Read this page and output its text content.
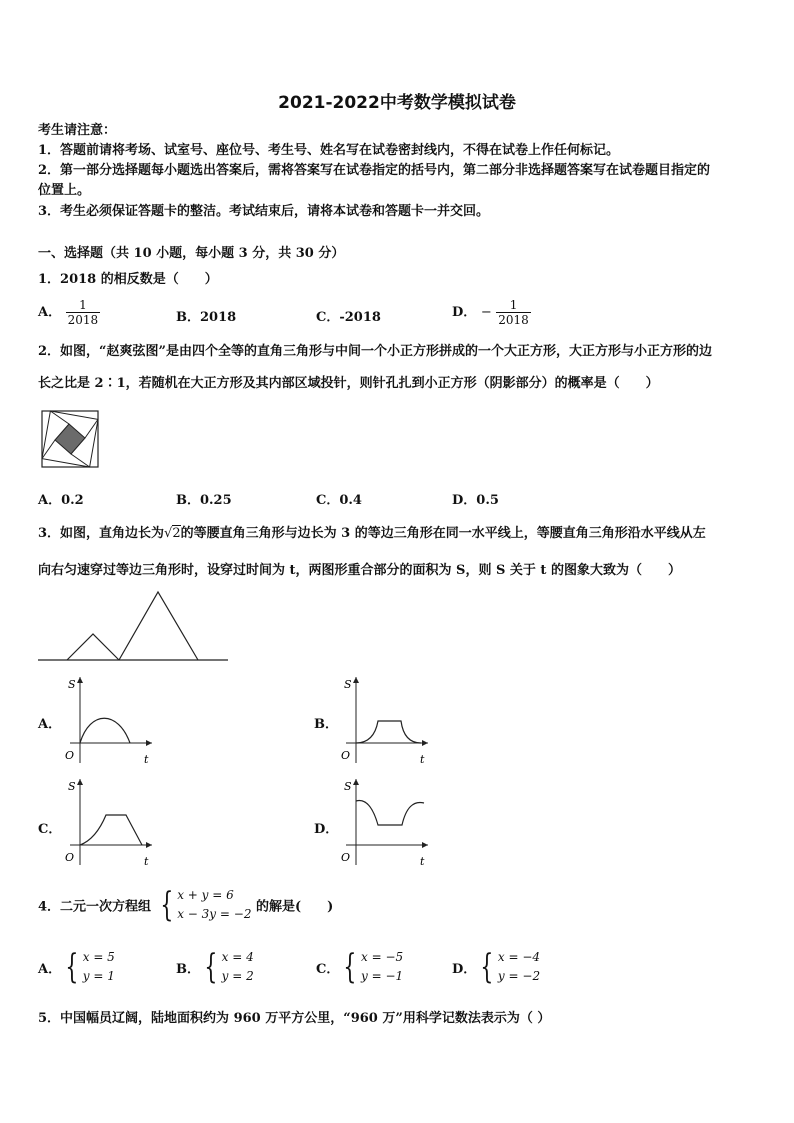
2021-2022中考数学模拟试卷
考生请注意：
1．答题前请将考场、试室号、座位号、考生号、姓名写在试卷密封线内，不得在试卷上作任何标记。
2．第一部分选择题每小题选出答案后，需将答案写在试卷指定的括号内，第二部分非选择题答案写在试卷题目指定的
位置上。
3．考生必须保证答题卡的整洁。考试结束后，请将本试卷和答题卡一并交回。
一、选择题（共 10 小题，每小题 3 分，共 30 分）
1．2018 的相反数是（　　）
A． $\frac{1}{2018}$	B．2018	C．-2018	D． − $\frac{1}{2018}$
2．如图，“赵爽弦图”是由四个全等的直角三角形与中间一个小正方形拼成的一个大正方形，大正方形与小正方形的边
长之比是 2∶1，若随机在大正方形及其内部区域投针，则针孔扎到小正方形（阴影部分）的概率是（　　）
A．0.2	B．0.25	C．0.4	D．0.5
3．如图，直角边长为√2的等腰直角三角形与边长为 3 的等边三角形在同一水平线上，等腰直角三角形沿水平线从左
向右匀速穿过等边三角形时，设穿过时间为 t，两图形重合部分的面积为 S，则 S 关于 t 的图象大致为（　　）
A．
S
O	t
B．
S
O	t
C．
S
O	t
D．
S
O	t
4．二元一次方程组 { x + y = 6
x − 3y = −2 的解是(　　)
A． { x = 5
y = 1	B． { x = 4
y = 2	C． { x = −5
y = −1	D． { x = −4
y = −2
5．中国幅员辽阔，陆地面积约为 960 万平方公里，“960 万”用科学记数法表示为（ ）
